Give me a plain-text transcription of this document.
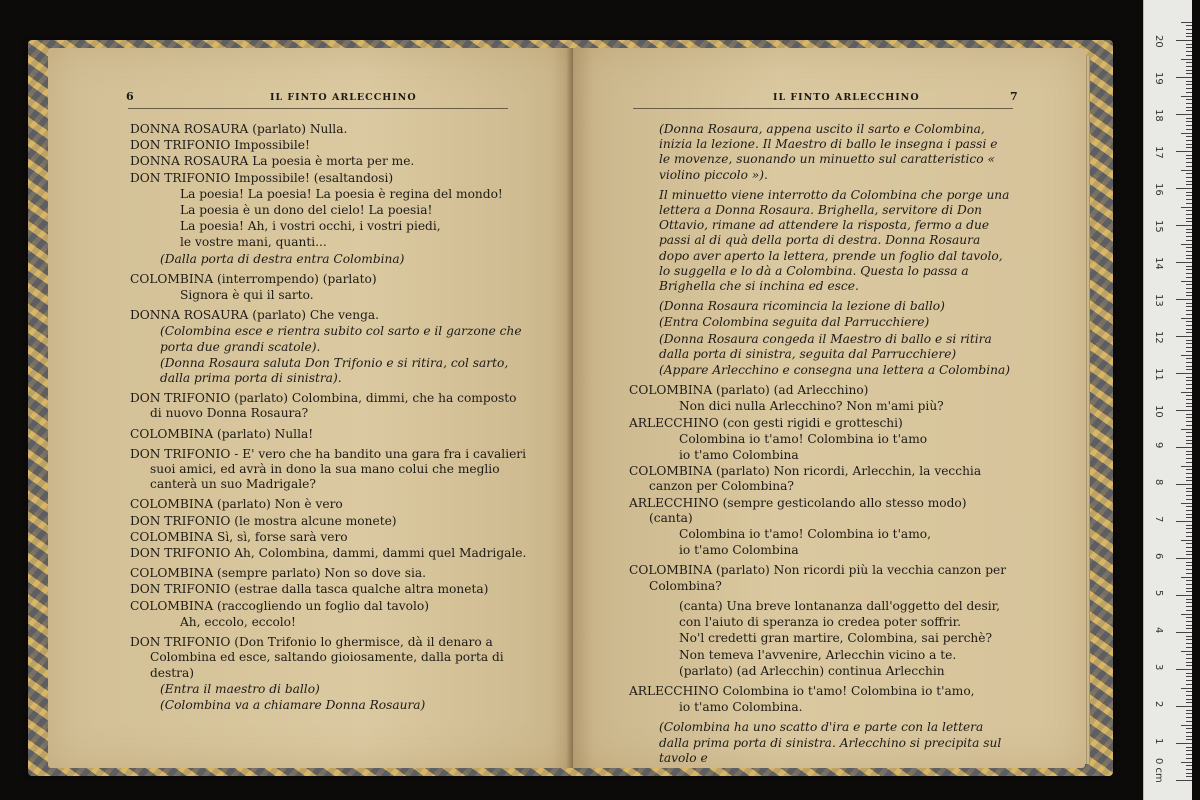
6	IL FINTO ARLECCHINO

DONNA ROSAURA (parlato) Nulla.

DON TRIFONIO Impossibile!

DONNA ROSAURA La poesia è morta per me.

DON TRIFONIO Impossibile! (esaltandosi)

La poesia! La poesia! La poesia è regina del mondo!

La poesia è un dono del cielo! La poesia!

La poesia! Ah, i vostri occhi, i vostri piedi,

le vostre mani, quanti...

(Dalla porta di destra entra Colombina)

COLOMBINA (interrompendo) (parlato)

Signora è qui il sarto.

DONNA ROSAURA (parlato) Che venga.

(Colombina esce e rientra subito col sarto e il garzone che porta due grandi scatole).

(Donna Rosaura saluta Don Trifonio e si ritira, col sarto, dalla prima porta di sinistra).

DON TRIFONIO (parlato) Colombina, dimmi, che ha composto di nuovo Donna Rosaura?

COLOMBINA (parlato) Nulla!

DON TRIFONIO - E' vero che ha bandito una gara fra i cavalieri suoi amici, ed avrà in dono la sua mano colui che meglio canterà un suo Madrigale?

COLOMBINA (parlato) Non è vero

DON TRIFONIO (le mostra alcune monete)

COLOMBINA Sì, sì, forse sarà vero

DON TRIFONIO Ah, Colombina, dammi, dammi quel Madrigale.

COLOMBINA (sempre parlato) Non so dove sia.

DON TRIFONIO (estrae dalla tasca qualche altra moneta)

COLOMBINA (raccogliendo un foglio dal tavolo)

Ah, eccolo, eccolo!

DON TRIFONIO (Don Trifonio lo ghermisce, dà il denaro a Colombina ed esce, saltando gioiosamente, dalla porta di destra)

(Entra il maestro di ballo)

(Colombina va a chiamare Donna Rosaura)

IL FINTO ARLECCHINO	7

(Donna Rosaura, appena uscito il sarto e Colombina, inizia la lezione. Il Maestro di ballo le insegna i passi e le movenze, suonando un minuetto sul caratteristico « violino piccolo »).

Il minuetto viene interrotto da Colombina che porge una lettera a Donna Rosaura. Brighella, servitore di Don Ottavio, rimane ad attendere la risposta, fermo a due passi al di quà della porta di destra. Donna Rosaura dopo aver aperto la lettera, prende un foglio dal tavolo, lo suggella e lo dà a Colombina. Questa lo passa a Brighella che si inchina ed esce.

(Donna Rosaura ricomincia la lezione di ballo)

(Entra Colombina seguita dal Parrucchiere)

(Donna Rosaura congeda il Maestro di ballo e si ritira dalla porta di sinistra, seguita dal Parrucchiere)

(Appare Arlecchino e consegna una lettera a Colombina)

COLOMBINA (parlato) (ad Arlecchino)

Non dici nulla Arlecchino? Non m'ami più?

ARLECCHINO (con gesti rigidi e grotteschi)

Colombina io t'amo! Colombina io t'amo

io t'amo Colombina

COLOMBINA (parlato) Non ricordi, Arlecchin, la vecchia canzon per Colombina?

ARLECCHINO (sempre gesticolando allo stesso modo) (canta)

Colombina io t'amo! Colombina io t'amo,

io t'amo Colombina

COLOMBINA (parlato) Non ricordi più la vecchia canzon per Colombina?

(canta) Una breve lontananza dall'oggetto del desir,

con l'aiuto di speranza io credea poter soffrir.

No'l credetti gran martire, Colombina, sai perchè?

Non temeva l'avvenire, Arlecchin vicino a te.

(parlato) (ad Arlecchin) continua Arlecchin

ARLECCHINO Colombina io t'amo! Colombina io t'amo,

io t'amo Colombina.

(Colombina ha uno scatto d'ira e parte con la lettera dalla prima porta di sinistra. Arlecchino si precipita sul tavolo e

0 cm
1
2
3
4
5
6
7
8
9
10
11
12
13
14
15
16
17
18
19
20
